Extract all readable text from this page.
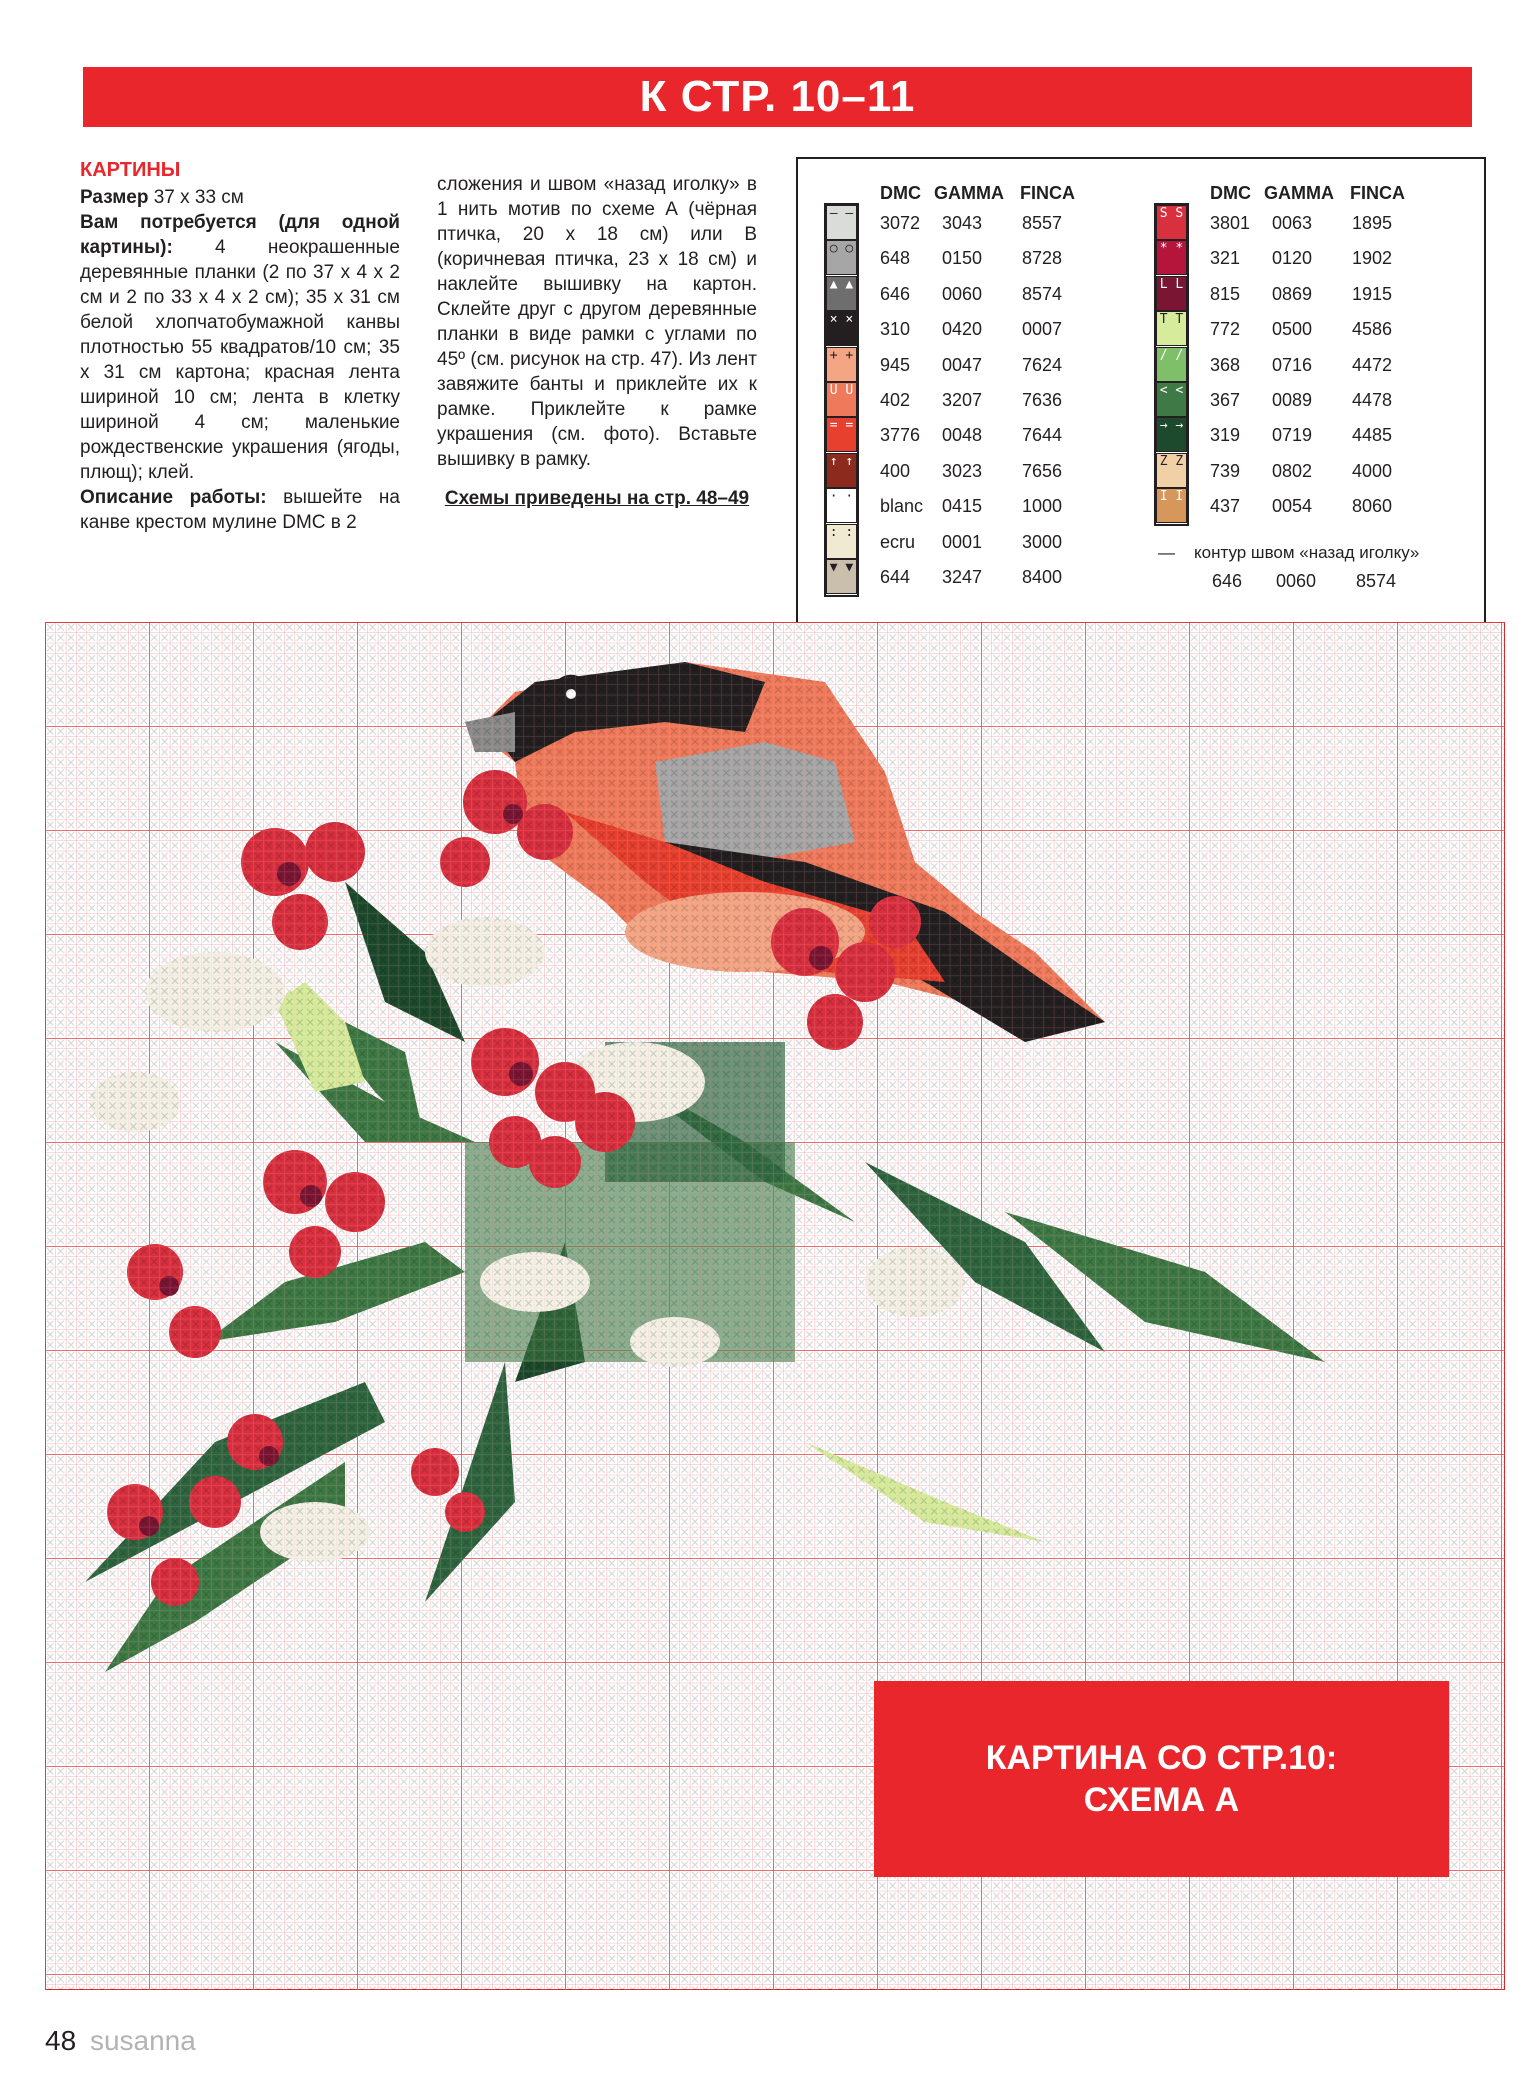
К СТР. 10–11
КАРТИНЫ

Размер 37 x 33 см

Вам потребуется (для одной картины): 4 неокрашенные деревянные планки (2 по 37 x 4 x 2 см и 2 по 33 x 4 x 2 см); 35 x 31 см белой хлопчатобумажной канвы плотностью 55 квадратов/10 см; 35 x 31 см картона; красная лента шириной 10 см; лента в клетку шириной 4 см; маленькие рождественские украшения (ягоды, плющ); клей.

Описание работы: вышейте на канве крестом мулине DMC в 2

сложения и швом «назад иголку» в 1 нить мотив по схеме А (чёрная птичка, 20 x 18 см) или В (коричневая птичка, 23 x 18 см) и наклейте вышивку на картон. Склейте друг с другом деревянные планки в виде рамки с углами по 45º (см. рисунок на стр. 47). Из лент завяжите банты и приклейте их к рамке. Приклейте к рамке украшения (см. фото). Вставьте вышивку в рамку.

Схемы приведены на стр. 48–49
DMC GAMMA FINCA	DMC GAMMA FINCA
— — 3072 3043 8557
○ ○ 648 0150 8728
▲ ▲ 646 0060 8574
× × 310 0420 0007
+ + 945 0047 7624
U U 402 3207 7636
= = 3776 0048 7644
↑ ↑ 400 3023 7656
· · blanc 0415 1000
: : ecru 0001 3000
▼ ▼ 644 3247 8400
S S 3801 0063 1895
* * 321 0120 1902
L L 815 0869 1915
T T 772 0500 4586
/ / 368 0716 4472
< < 367 0089 4478
→ → 319 0719 4485
Z Z 739 0802 4000
I I 437 0054 8060
— контур швом «назад иголку»
646 0060 8574
КАРТИНА СО СТР.10:
СХЕМА А
48 susanna
